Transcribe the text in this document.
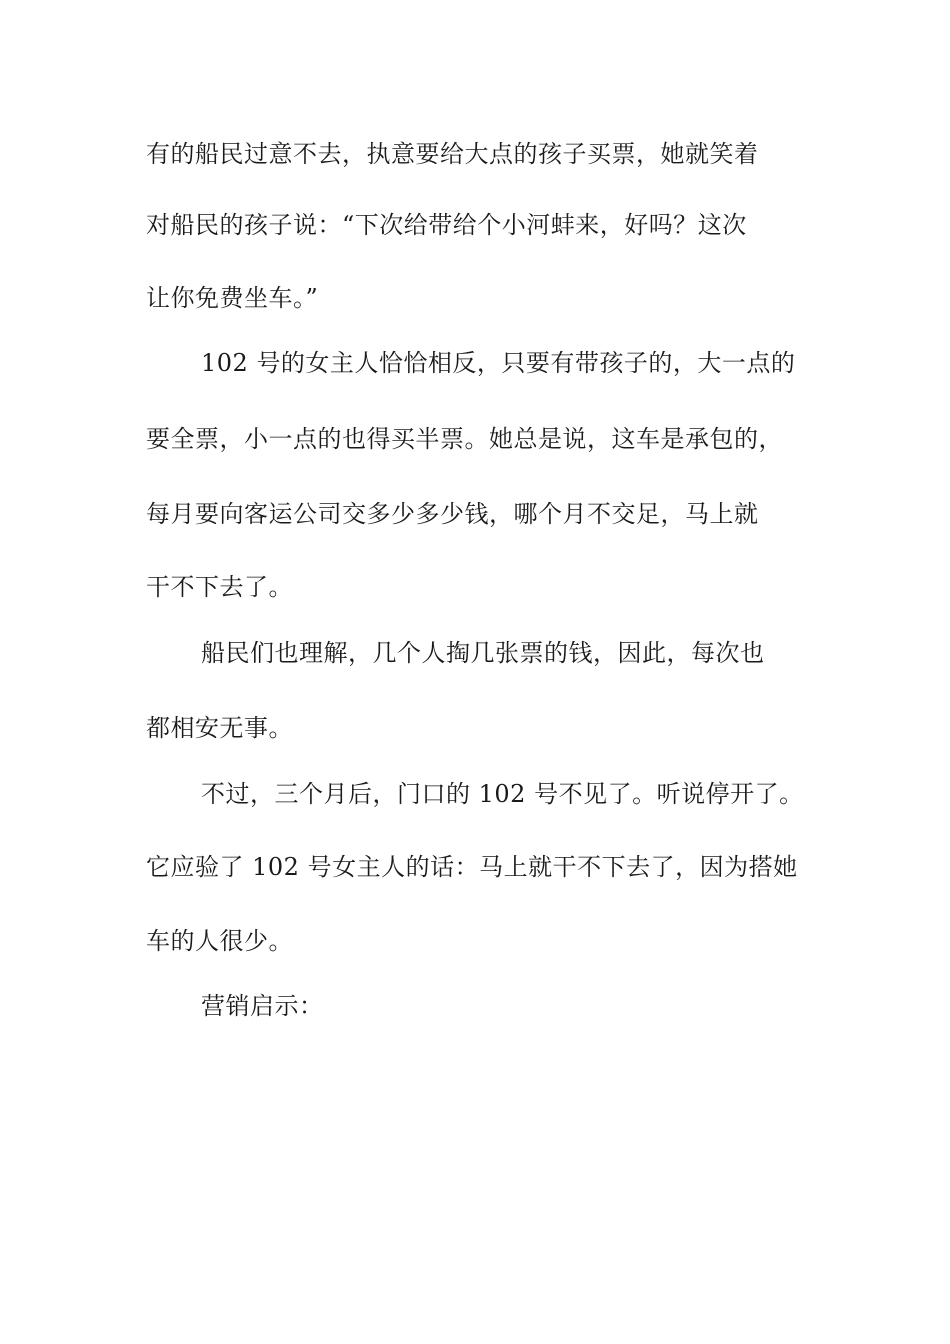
有的船民过意不去，执意要给大点的孩子买票，她就笑着
对船民的孩子说：“下次给带给个小河蚌来，好吗？这次
让你免费坐车。”
102 号的女主人恰恰相反，只要有带孩子的，大一点的
要全票，小一点的也得买半票。她总是说，这车是承包的，
每月要向客运公司交多少多少钱，哪个月不交足，马上就
干不下去了。
船民们也理解，几个人掏几张票的钱，因此，每次也
都相安无事。
不过，三个月后，门口的 102 号不见了。听说停开了。
它应验了 102 号女主人的话：马上就干不下去了，因为搭她
车的人很少。
营销启示：
